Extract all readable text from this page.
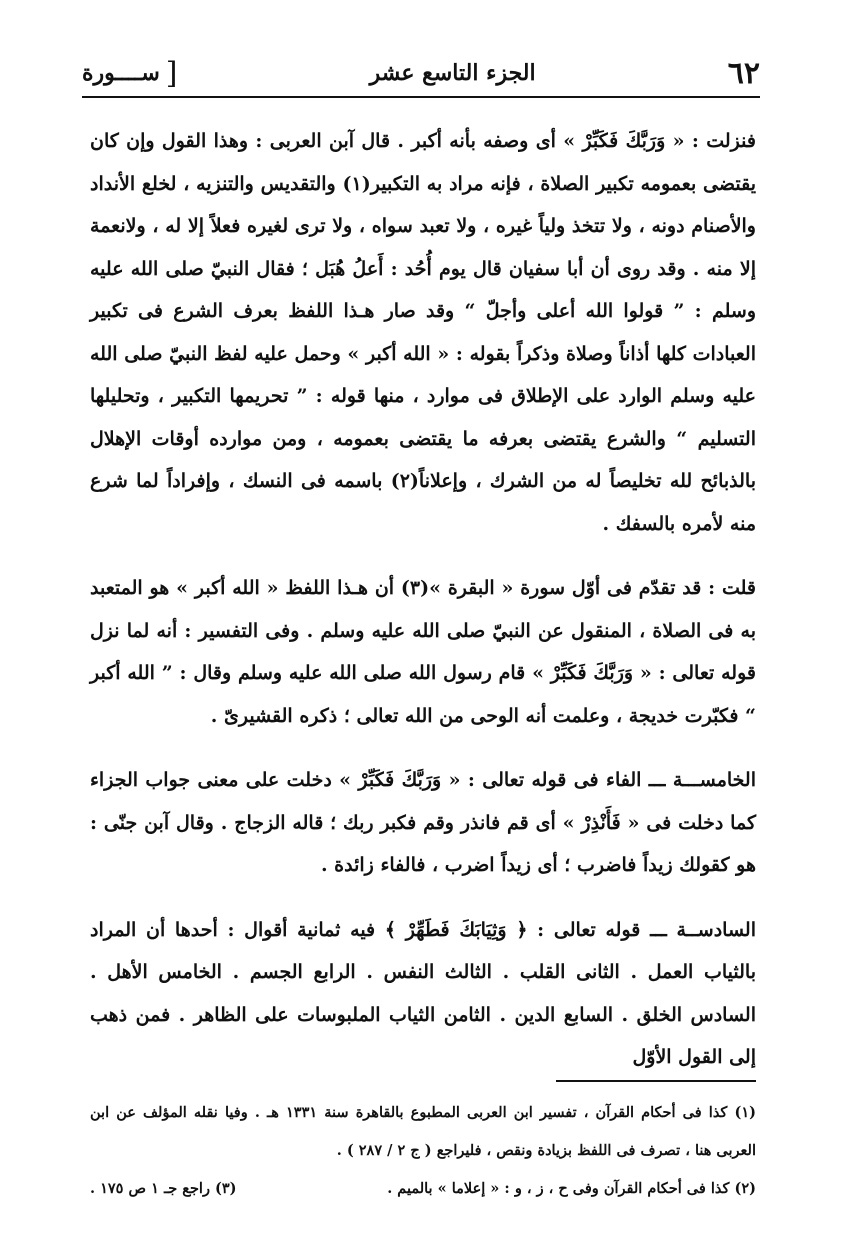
٦٢
الجزء التاسع عشر
[
ســــورة

فنزلت : « وَرَبَّكَ فَكَبِّرْ » أى وصفه بأنه أكبر . قال آبن العربى : وهذا القول وإن كان يقتضى بعمومه تكبير الصلاة ، فإنه مراد به التكبير(١) والتقديس والتنزيه ، لخلع الأنداد والأصنام دونه ، ولا تتخذ ولياً غيره ، ولا تعبد سواه ، ولا ترى لغيره فعلاً إلا له ، ولانعمة إلا منه . وقد روى أن أبا سفيان قال يوم أُحُد : أَعلُ هُبَل ؛ فقال النبيّ صلى الله عليه وسلم : ” قولوا الله أعلى وأجلّ “ وقد صار هـذا اللفظ بعرف الشرع فى تكبير العبادات كلها أذاناً وصلاة وذكراً بقوله : « الله أكبر » وحمل عليه لفظ النبيّ صلى الله عليه وسلم الوارد على الإطلاق فى موارد ، منها قوله : ” تحريمها التكبير ، وتحليلها التسليم “ والشرع يقتضى بعرفه ما يقتضى بعمومه ، ومن موارده أوقات الإهلال بالذبائح لله تخليصاً له من الشرك ، وإعلاناً(٢) باسمه فى النسك ، وإفراداً لما شرع منه لأمره بالسفك .

قلت : قد تقدّم فى أوّل سورة « البقرة »(٣) أن هـذا اللفظ « الله أكبر » هو المتعبد به فى الصلاة ، المنقول عن النبيّ صلى الله عليه وسلم . وفى التفسير : أنه لما نزل قوله تعالى : « وَرَبَّكَ فَكَبِّرْ » قام رسول الله صلى الله عليه وسلم وقال : ” الله أكبر “ فكبّرت خديجة ، وعلمت أنه الوحى من الله تعالى ؛ ذكره القشيرىّ .

الخامســـة ـــ الفاء فى قوله تعالى : « وَرَبَّكَ فَكَبِّرْ » دخلت على معنى جواب الجزاء كما دخلت فى « فَأَنْذِرْ » أى قم فانذر وقم فكبر ربك ؛ قاله الزجاج . وقال آبن جنّى : هو كقولك زيداً فاضرب ؛ أى زيداً اضرب ، فالفاء زائدة .

السادســة ـــ قوله تعالى : ﴿ وَثِيَابَكَ فَطَهِّرْ ﴾ فيه ثمانية أقوال : أحدها أن المراد بالثياب العمل . الثانى القلب . الثالث النفس . الرابع الجسم . الخامس الأهل . السادس الخلق . السابع الدين . الثامن الثياب الملبوسات على الظاهر . فمن ذهب إلى القول الأوّل

(١) كذا فى أحكام القرآن ، تفسير ابن العربى المطبوع بالقاهرة سنة ١٣٣١ هـ . وفيا نقله المؤلف عن ابن العربى هنا ، تصرف فى اللفظ بزيادة ونقص ، فليراجع ( ج ٢ / ٢٨٧ ) .

(٢) كذا فى أحكام القرآن وفى ح ، ز ، و : « إعلاما » بالميم .

(٣) راجع جـ ١ ص ١٧٥ .
